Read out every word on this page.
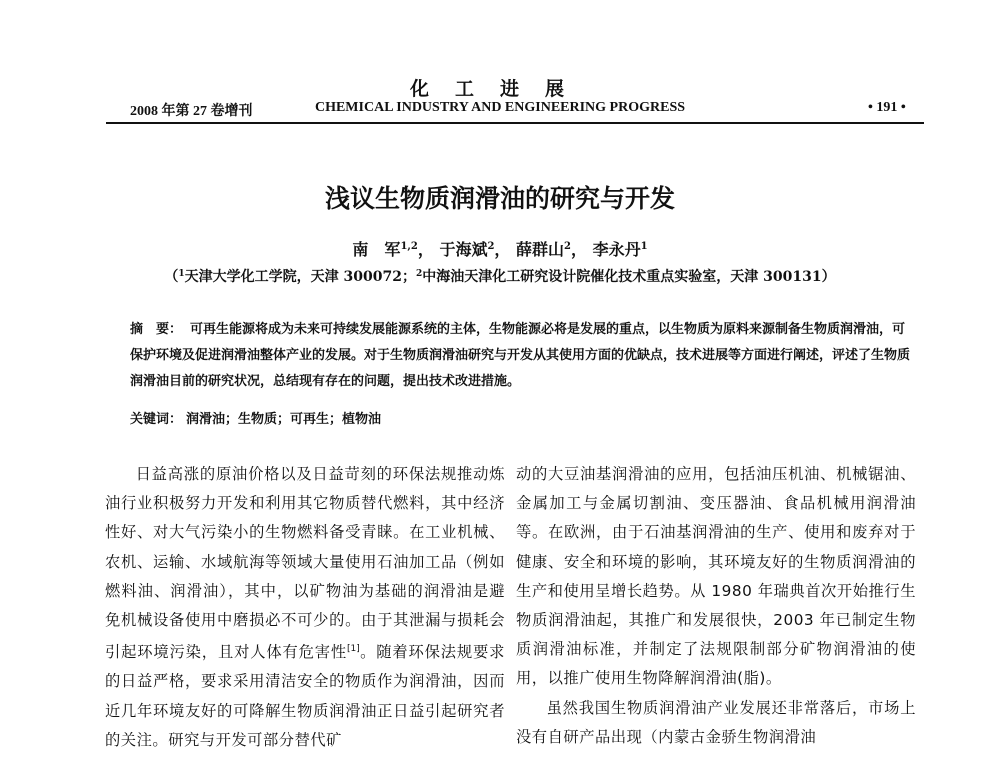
化工进展
2008 年第 27 卷增刊	CHEMICAL INDUSTRY AND ENGINEERING PROGRESS	• 191 •
浅议生物质润滑油的研究与开发
南　军$^{1,2}$， 于海斌$^2$， 薛群山$^2$， 李永丹$^1$
（$^1$天津大学化工学院，天津 300072；$^2$中海油天津化工研究设计院催化技术重点实验室，天津 300131）
摘　要： 可再生能源将成为未来可持续发展能源系统的主体，生物能源必将是发展的重点，以生物质为原料来源制备生物质润滑油，可保护环境及促进润滑油整体产业的发展。对于生物质润滑油研究与开发从其使用方面的优缺点，技术进展等方面进行阐述，评述了生物质润滑油目前的研究状况，总结现有存在的问题，提出技术改进措施。
关键词： 润滑油；生物质；可再生；植物油

日益高涨的原油价格以及日益苛刻的环保法规推动炼油行业积极努力开发和利用其它物质替代燃料，其中经济性好、对大气污染小的生物燃料备受青睐。在工业机械、农机、运输、水域航海等领域大量使用石油加工品（例如燃料油、润滑油），其中，以矿物油为基础的润滑油是避免机械设备使用中磨损必不可少的。由于其泄漏与损耗会引起环境污染，且对人体有危害性[1]。随着环保法规要求的日益严格，要求采用清洁安全的物质作为润滑油，因而近几年环境友好的可降解生物质润滑油正日益引起研究者的关注。研究与开发可部分替代矿

动的大豆油基润滑油的应用，包括油压机油、机械锯油、金属加工与金属切割油、变压器油、食品机械用润滑油等。在欧洲，由于石油基润滑油的生产、使用和废弃对于健康、安全和环境的影响，其环境友好的生物质润滑油的生产和使用呈增长趋势。从 1980 年瑞典首次开始推行生物质润滑油起，其推广和发展很快，2003 年已制定生物质润滑油标准，并制定了法规限制部分矿物润滑油的使用，以推广使用生物降解润滑油(脂)。

虽然我国生物质润滑油产业发展还非常落后，市场上没有自研产品出现（内蒙古金骄生物润滑油
